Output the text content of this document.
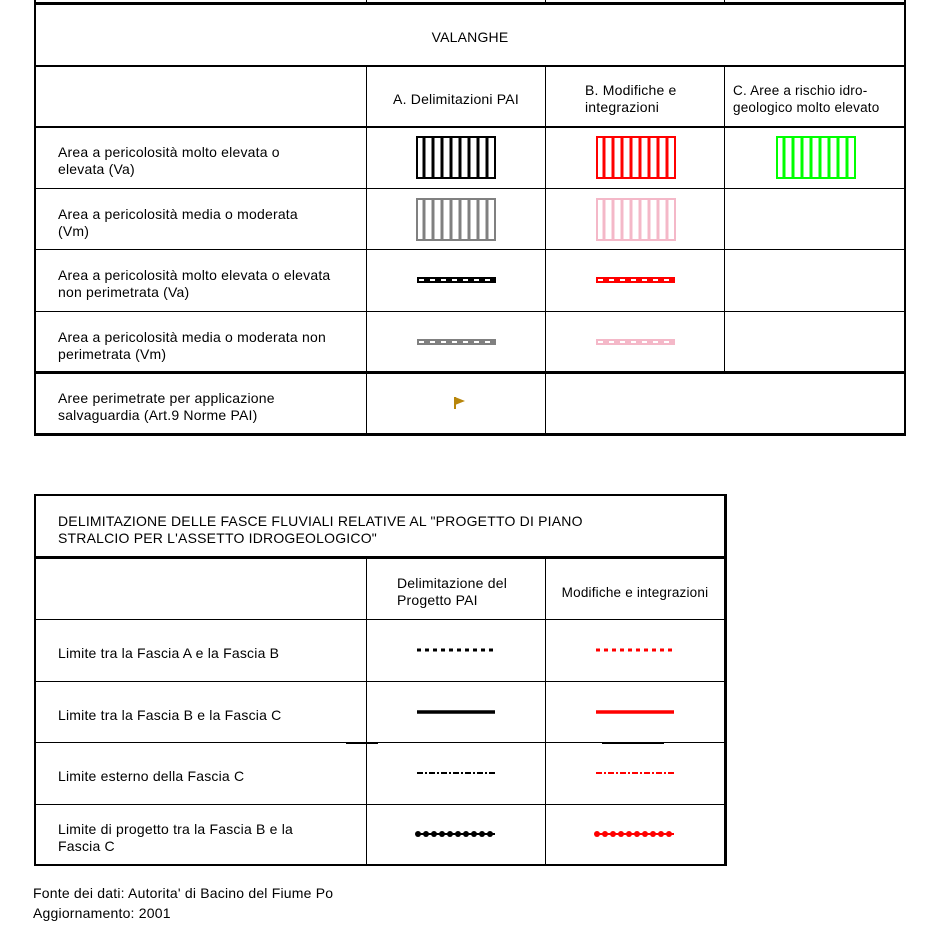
VALANGHE
A. Delimitazioni PAI
B. Modifiche e
integrazioni
C. Aree a rischio idro-
geologico molto elevato
Area a pericolosità molto elevata o
elevata (Va)
Area a pericolosità media o moderata
(Vm)
Area a pericolosità molto elevata o elevata
non perimetrata (Va)
Area a pericolosità media o moderata non
perimetrata (Vm)
Aree perimetrate per applicazione
salvaguardia (Art.9 Norme PAI)
DELIMITAZIONE DELLE FASCE FLUVIALI RELATIVE AL "PROGETTO DI PIANO
STRALCIO PER L'ASSETTO IDROGEOLOGICO"
Delimitazione del
Progetto PAI	Modifiche e integrazioni
Limite tra la Fascia A e la Fascia B
Limite tra la Fascia B e la Fascia C
Limite esterno della Fascia C
Limite di progetto tra la Fascia B e la
Fascia C
Fonte dei dati: Autorita' di Bacino del Fiume Po
Aggiornamento: 2001
